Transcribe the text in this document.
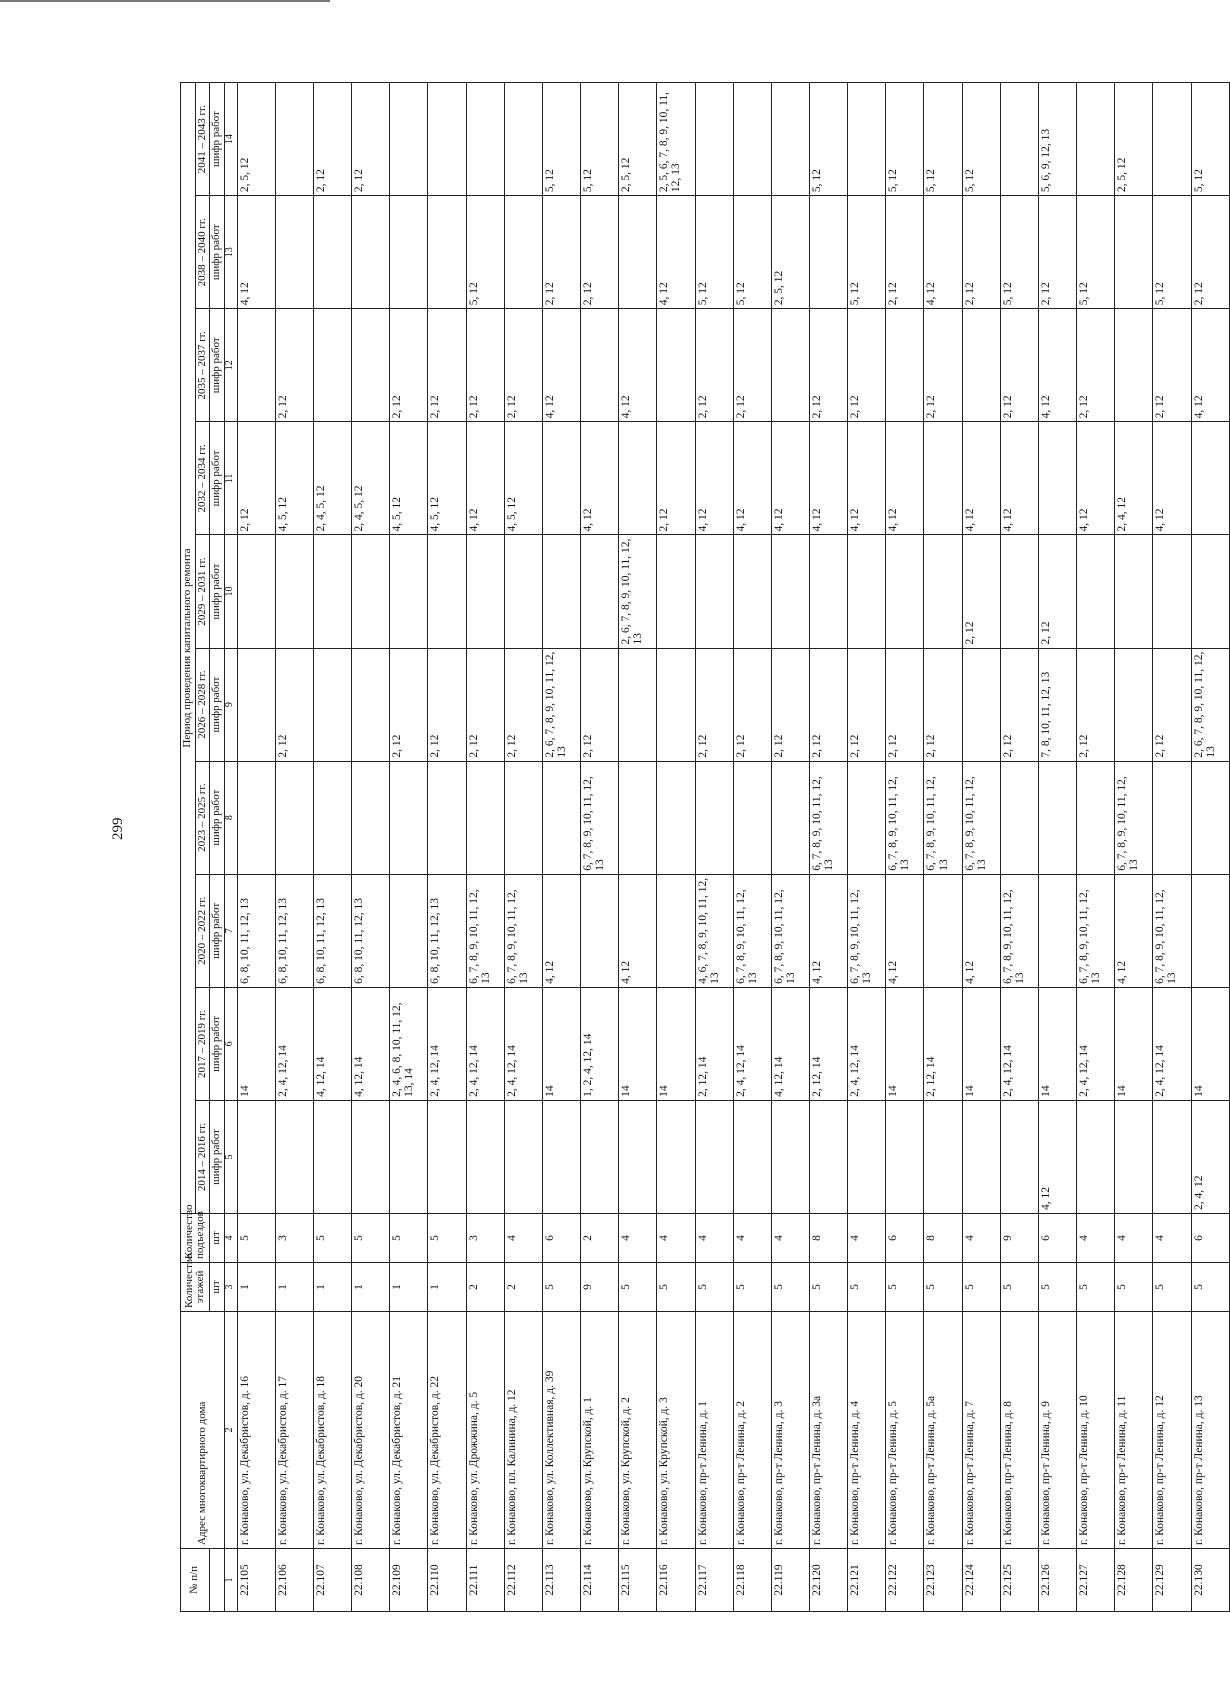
299
№ п/п	Адрес многоквартирного дома	Количество этажей	Количество подъездов	Период проведения капитального ремонта									
				2014 – 2016 гг.	2017 – 2019 гг.	2020 – 2022 гг.	2023 – 2025 гг.	2026 – 2028 гг.	2029 – 2031 гг.	2032 – 2034 гг.	2035 – 2037 гг.	2038 – 2040 гг.	2041 – 2043 гг.
		шт	шт	шифр работ	шифр работ	шифр работ	шифр работ	шифр работ	шифр работ	шифр работ	шифр работ	шифр работ	шифр работ
1	2	3	4	5	6	7	8	9	10	11	12	13	14
22.105	г. Конаково, ул. Декабристов, д. 16	1	5		14	6, 8, 10, 11, 12, 13				2, 12		4, 12	2, 5, 12
22.106	г. Конаково, ул. Декабристов, д. 17	1	3		2, 4, 12, 14	6, 8, 10, 11, 12, 13		2, 12		4, 5, 12	2, 12		
22.107	г. Конаково, ул. Декабристов, д. 18	1	5		4, 12, 14	6, 8, 10, 11, 12, 13				2, 4, 5, 12			2, 12
22.108	г. Конаково, ул. Декабристов, д. 20	1	5		4, 12, 14	6, 8, 10, 11, 12, 13				2, 4, 5, 12			2, 12
22.109	г. Конаково, ул. Декабристов, д. 21	1	5		2, 4, 6, 8, 10, 11, 12, 13, 14			2, 12		4, 5, 12	2, 12		
22.110	г. Конаково, ул. Декабристов, д. 22	1	5		2, 4, 12, 14	6, 8, 10, 11, 12, 13		2, 12		4, 5, 12	2, 12		
22.111	г. Конаково, ул. Дрожжина, д. 5	2	3		2, 4, 12, 14	6, 7, 8, 9, 10, 11, 12, 13		2, 12		4, 12	2, 12	5, 12	
22.112	г. Конаково, пл. Калинина, д. 12	2	4		2, 4, 12, 14	6, 7, 8, 9, 10, 11, 12, 13		2, 12		4, 5, 12	2, 12		
22.113	г. Конаково, ул. Коллективная, д. 39	5	6		14	4, 12		2, 6, 7, 8, 9, 10, 11, 12, 13			4, 12	2, 12	5, 12
22.114	г. Конаково, ул. Крупской, д. 1	9	2		1, 2, 4, 12, 14		6, 7, 8, 9, 10, 11, 12, 13	2, 12		4, 12		2, 12	5, 12
22.115	г. Конаково, ул. Крупской, д. 2	5	4		14	4, 12			2, 6, 7, 8, 9, 10, 11, 12, 13		4, 12		2, 5, 12
22.116	г. Конаково, ул. Крупской, д. 3	5	4		14					2, 12		4, 12	2, 5, 6, 7, 8, 9, 10, 11, 12, 13
22.117	г. Конаково, пр-т Ленина, д. 1	5	4		2, 12, 14	4, 6, 7, 8, 9, 10, 11, 12, 13		2, 12		4, 12	2, 12	5, 12	
22.118	г. Конаково, пр-т Ленина, д. 2	5	4		2, 4, 12, 14	6, 7, 8, 9, 10, 11, 12, 13		2, 12		4, 12	2, 12	5, 12	
22.119	г. Конаково, пр-т Ленина, д. 3	5	4		4, 12, 14	6, 7, 8, 9, 10, 11, 12, 13		2, 12		4, 12		2, 5, 12	
22.120	г. Конаково, пр-т Ленина, д. 3а	5	8		2, 12, 14	4, 12	6, 7, 8, 9, 10, 11, 12, 13	2, 12		4, 12	2, 12		5, 12
22.121	г. Конаково, пр-т Ленина, д. 4	5	4		2, 4, 12, 14	6, 7, 8, 9, 10, 11, 12, 13		2, 12		4, 12	2, 12	5, 12	
22.122	г. Конаково, пр-т Ленина, д. 5	5	6		14	4, 12	6, 7, 8, 9, 10, 11, 12, 13	2, 12		4, 12		2, 12	5, 12
22.123	г. Конаково, пр-т Ленина, д. 5а	5	8		2, 12, 14		6, 7, 8, 9, 10, 11, 12, 13	2, 12			2, 12	4, 12	5, 12
22.124	г. Конаково, пр-т Ленина, д. 7	5	4		14	4, 12	6, 7, 8, 9, 10, 11, 12, 13		2, 12	4, 12		2, 12	5, 12
22.125	г. Конаково, пр-т Ленина, д. 8	5	9		2, 4, 12, 14	6, 7, 8, 9, 10, 11, 12, 13		2, 12		4, 12	2, 12	5, 12	
22.126	г. Конаково, пр-т Ленина, д. 9	5	6	4, 12	14			7, 8, 10, 11, 12, 13	2, 12		4, 12	2, 12	5, 6, 9, 12, 13
22.127	г. Конаково, пр-т Ленина, д. 10	5	4		2, 4, 12, 14	6, 7, 8, 9, 10, 11, 12, 13		2, 12		4, 12	2, 12	5, 12	
22.128	г. Конаково, пр-т Ленина, д. 11	5	4		14	4, 12	6, 7, 8, 9, 10, 11, 12, 13			2, 4, 12			2, 5, 12
22.129	г. Конаково, пр-т Ленина, д. 12	5	4		2, 4, 12, 14	6, 7, 8, 9, 10, 11, 12, 13		2, 12		4, 12	2, 12	5, 12	
22.130	г. Конаково, пр-т Ленина, д. 13	5	6	2, 4, 12	14			2, 6, 7, 8, 9, 10, 11, 12, 13			4, 12	2, 12	5, 12
